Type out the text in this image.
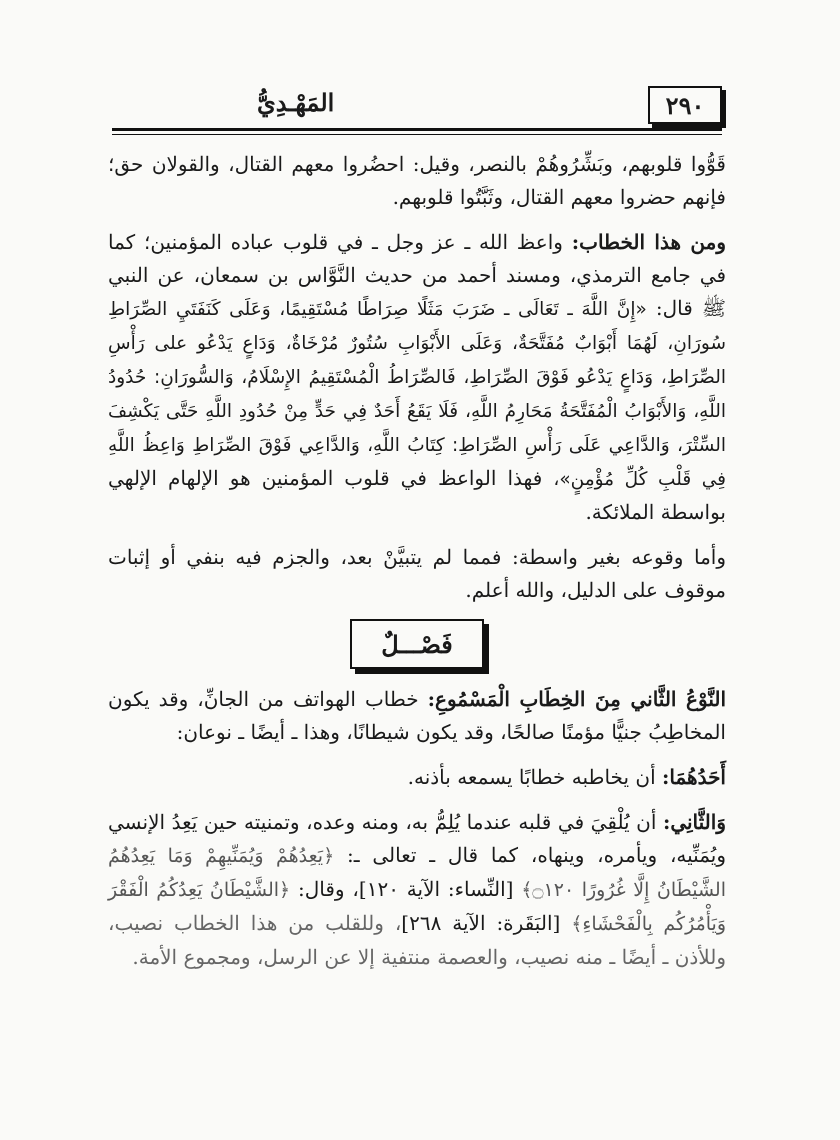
٢٩٠
المَهْـدِيُّ

قَوُّوا قلوبهم، وبَشِّرُوهُمْ بالنصر، وقيل: احضُروا معهم القتال، والقولان حق؛ فإنهم حضروا معهم القتال، وثَبَّتُوا قلوبهم.

ومن هذا الخطاب: واعظ الله ـ عز وجل ـ في قلوب عباده المؤمنين؛ كما في جامع الترمذي، ومسند أحمد من حديث النَّوَّاس بن سمعان، عن النبي ﷺ قال: «إِنَّ اللَّهَ ـ تَعَالَى ـ ضَرَبَ مَثَلًا صِرَاطًا مُسْتَقِيمًا، وَعَلَى كَنَفَتَيِ الصِّرَاطِ سُورَانِ، لَهُمَا أَبْوَابٌ مُفَتَّحَةٌ، وَعَلَى الأَبْوَابِ سُتُورٌ مُرْخَاةٌ، وَدَاعٍ يَدْعُو على رَأْسِ الصِّرَاطِ، وَدَاعٍ يَدْعُو فَوْقَ الصِّرَاطِ، فَالصِّرَاطُ الْمُسْتَقِيمُ الإِسْلَامُ، وَالسُّورَانِ: حُدُودُ اللَّهِ، وَالأَبْوَابُ الْمُفَتَّحَةُ مَحَارِمُ اللَّهِ، فَلَا يَقَعُ أَحَدٌ فِي حَدٍّ مِنْ حُدُودِ اللَّهِ حَتَّى يَكْشِفَ السِّتْرَ، وَالدَّاعِي عَلَى رَأْسِ الصِّرَاطِ: كِتَابُ اللَّهِ، وَالدَّاعِي فَوْقَ الصِّرَاطِ وَاعِظُ اللَّهِ فِي قَلْبِ كُلِّ مُؤْمِنٍ»، فهذا الواعظ في قلوب المؤمنين هو الإلهام الإلهي بواسطة الملائكة.

وأما وقوعه بغير واسطة: فمما لم يتبيَّنْ بعد، والجزم فيه بنفي أو إثبات موقوف على الدليل، والله أعلم.

فَصْـــلٌ

النَّوْعُ الثَّاني مِنَ الخِطَابِ الْمَسْمُوعِ: خطاب الهواتف من الجانِّ، وقد يكون المخاطِبُ جنيًّا مؤمنًا صالحًا، وقد يكون شيطانًا، وهذا ـ أيضًا ـ نوعان:

أَحَدُهُمَا: أن يخاطبه خطابًا يسمعه بأذنه.

وَالثَّانِي: أن يُلْقِيَ في قلبه عندما يُلِمُّ به، ومنه وعده، وتمنيته حين يَعِدُ الإنسي ويُمَنِّيه، ويأمره، وينهاه، كما قال ـ تعالى ـ: ﴿يَعِدُهُمْ وَيُمَنِّيهِمْ وَمَا يَعِدُهُمُ الشَّيْطَانُ إِلَّا غُرُورًا ۝١٢٠﴾ [النِّساء: الآية ١٢٠]، وقال: ﴿الشَّيْطَانُ يَعِدُكُمُ الْفَقْرَ وَيَأْمُرُكُم بِالْفَحْشَاءِ﴾ [البَقَرة: الآية ٢٦٨]، وللقلب من هذا الخطاب نصيب، وللأذن ـ أيضًا ـ منه نصيب، والعصمة منتفية إلا عن الرسل، ومجموع الأمة.
